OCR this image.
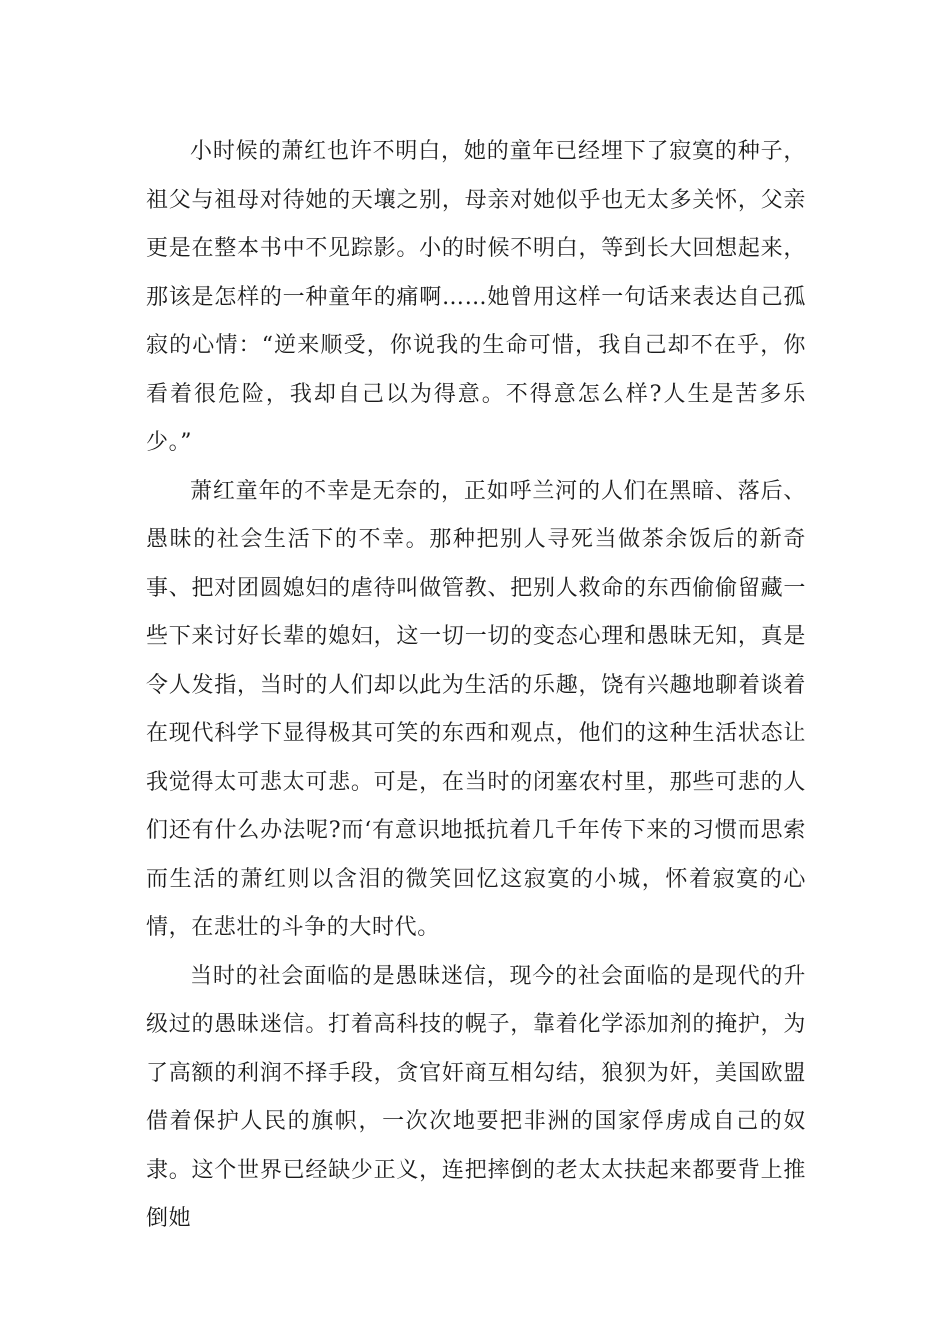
小时候的萧红也许不明白，她的童年已经埋下了寂寞的种子，祖父与祖母对待她的天壤之别，母亲对她似乎也无太多关怀，父亲更是在整本书中不见踪影。小的时候不明白，等到长大回想起来，那该是怎样的一种童年的痛啊……她曾用这样一句话来表达自己孤寂的心情：“逆来顺受，你说我的生命可惜，我自己却不在乎，你看着很危险，我却自己以为得意。不得意怎么样?人生是苦多乐少。”

萧红童年的不幸是无奈的，正如呼兰河的人们在黑暗、落后、愚昧的社会生活下的不幸。那种把别人寻死当做茶余饭后的新奇事、把对团圆媳妇的虐待叫做管教、把别人救命的东西偷偷留藏一些下来讨好长辈的媳妇，这一切一切的变态心理和愚昧无知，真是令人发指，当时的人们却以此为生活的乐趣，饶有兴趣地聊着谈着在现代科学下显得极其可笑的东西和观点，他们的这种生活状态让我觉得太可悲太可悲。可是，在当时的闭塞农村里，那些可悲的人们还有什么办法呢?而‘有意识地抵抗着几千年传下来的习惯而思索而生活的萧红则以含泪的微笑回忆这寂寞的小城，怀着寂寞的心情，在悲壮的斗争的大时代。

当时的社会面临的是愚昧迷信，现今的社会面临的是现代的升级过的愚昧迷信。打着高科技的幌子，靠着化学添加剂的掩护，为了高额的利润不择手段，贪官奸商互相勾结，狼狈为奸，美国欧盟借着保护人民的旗帜，一次次地要把非洲的国家俘虏成自己的奴隶。这个世界已经缺少正义，连把摔倒的老太太扶起来都要背上推倒她
